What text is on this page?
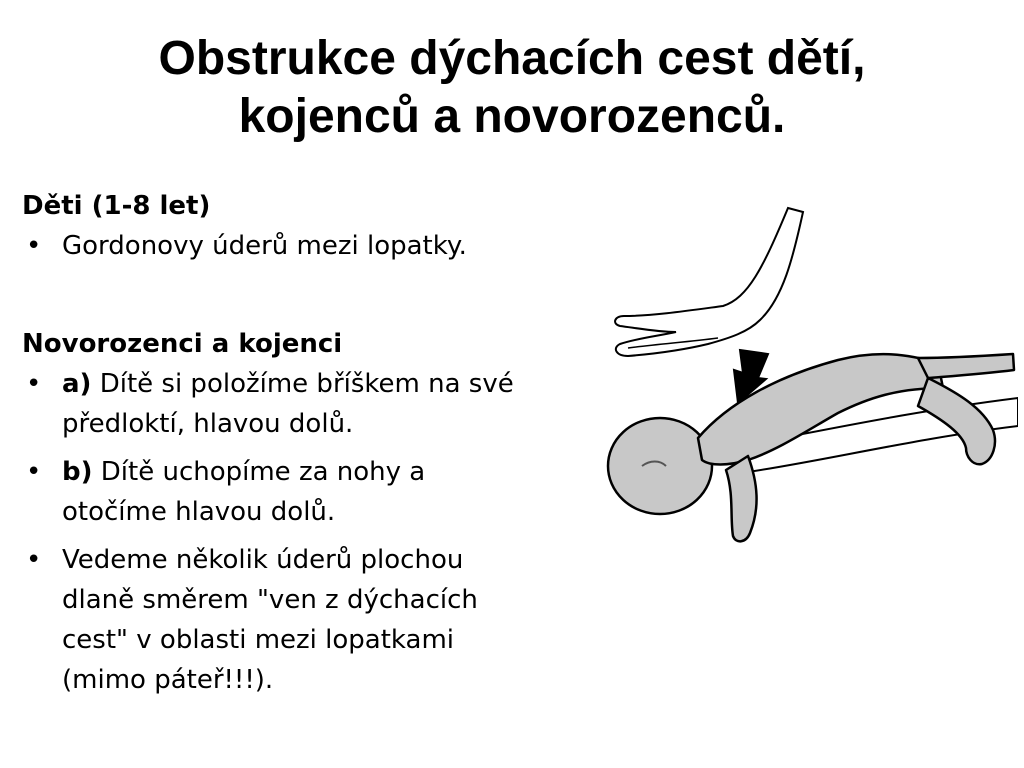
Obstrukce dýchacích cest dětí,
kojenců a novorozenců.
Děti (1-8 let)
• Gordonovy úderů mezi lopatky.
Novorozenci a kojenci
• a) Dítě si položíme bříškem na své
předloktí, hlavou dolů.
• b) Dítě uchopíme za nohy a
otočíme hlavou dolů.
• Vedeme několik úderů plochou
dlaně směrem "ven z dýchacích
cest" v oblasti mezi lopatkami
(mimo páteř!!!).
